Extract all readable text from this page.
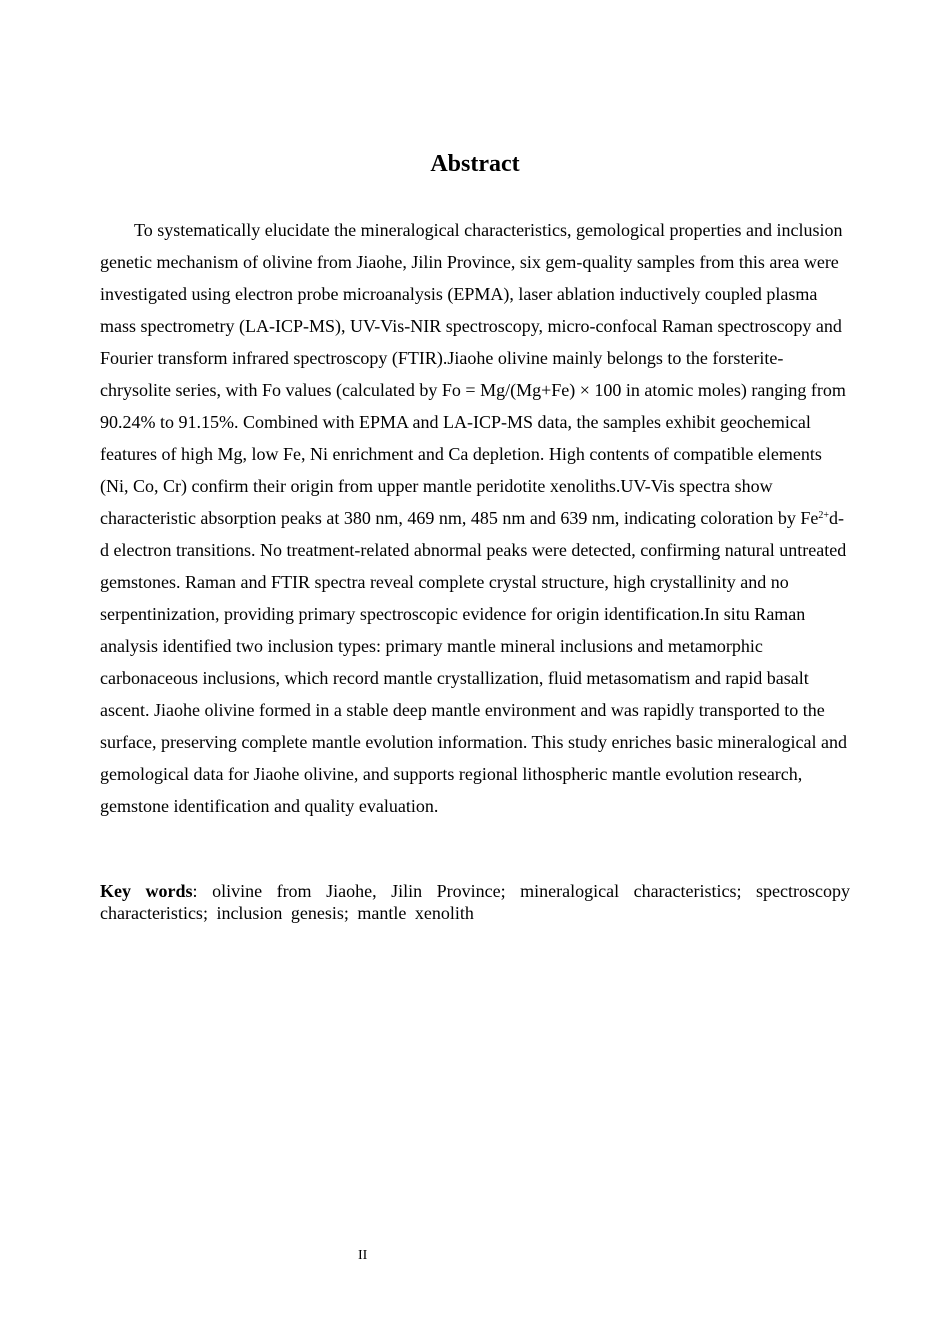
Abstract

To systematically elucidate the mineralogical characteristics, gemological properties and inclusion genetic mechanism of olivine from Jiaohe, Jilin Province, six gem-quality samples from this area were investigated using electron probe microanalysis (EPMA), laser ablation inductively coupled plasma mass spectrometry (LA-ICP-MS), UV-Vis-NIR spectroscopy, micro-confocal Raman spectroscopy and Fourier transform infrared spectroscopy (FTIR).Jiaohe olivine mainly belongs to the forsterite-chrysolite series, with Fo values (calculated by Fo = Mg/(Mg+Fe) × 100 in atomic moles) ranging from 90.24% to 91.15%. Combined with EPMA and LA-ICP-MS data, the samples exhibit geochemical features of high Mg, low Fe, Ni enrichment and Ca depletion. High contents of compatible elements (Ni, Co, Cr) confirm their origin from upper mantle peridotite xenoliths.UV-Vis spectra show characteristic absorption peaks at 380 nm, 469 nm, 485 nm and 639 nm, indicating coloration by $Fe^{2+}d-d$ electron transitions. No treatment-related abnormal peaks were detected, confirming natural untreated gemstones. Raman and FTIR spectra reveal complete crystal structure, high crystallinity and no serpentinization, providing primary spectroscopic evidence for origin identification.In situ Raman analysis identified two inclusion types: primary mantle mineral inclusions and metamorphic carbonaceous inclusions, which record mantle crystallization, fluid metasomatism and rapid basalt ascent. Jiaohe olivine formed in a stable deep mantle environment and was rapidly transported to the surface, preserving complete mantle evolution information. This study enriches basic mineralogical and gemological data for Jiaohe olivine, and supports regional lithospheric mantle evolution research, gemstone identification and quality evaluation.

Key words: olivine from Jiaohe, Jilin Province; mineralogical characteristics; spectroscopy characteristics; inclusion genesis; mantle xenolith

II
